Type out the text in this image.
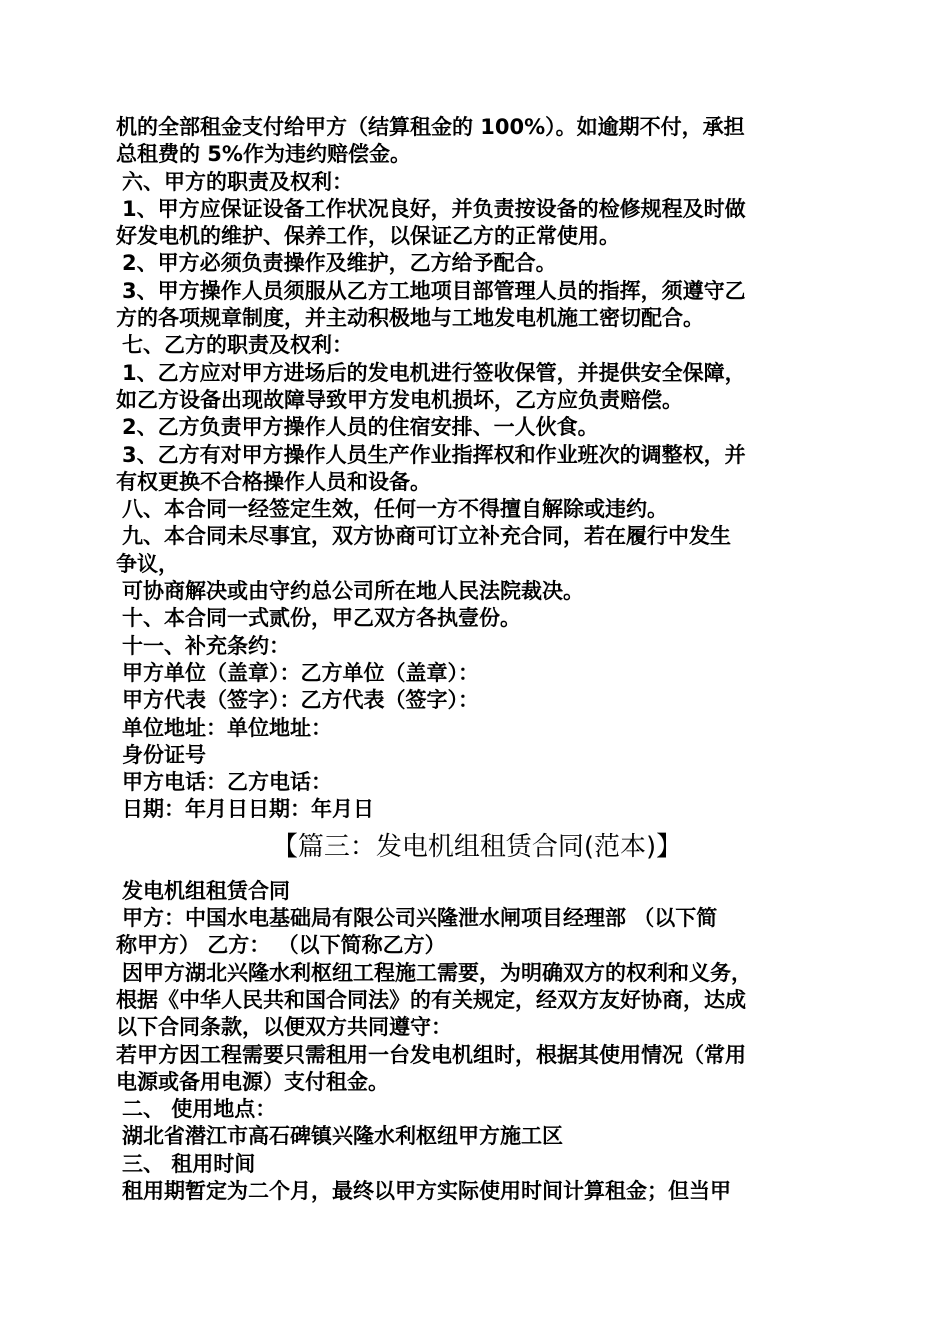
机的全部租金支付给甲方（结算租金的 100%）。如逾期不付，承担
总租费的 5%作为违约赔偿金。
六、甲方的职责及权利：
1、甲方应保证设备工作状况良好，并负责按设备的检修规程及时做
好发电机的维护、保养工作，以保证乙方的正常使用。
2、甲方必须负责操作及维护，乙方给予配合。
3、甲方操作人员须服从乙方工地项目部管理人员的指挥，须遵守乙
方的各项规章制度，并主动积极地与工地发电机施工密切配合。
七、乙方的职责及权利：
1、乙方应对甲方进场后的发电机进行签收保管，并提供安全保障，
如乙方设备出现故障导致甲方发电机损坏，乙方应负责赔偿。
2、乙方负责甲方操作人员的住宿安排、一人伙食。
3、乙方有对甲方操作人员生产作业指挥权和作业班次的调整权，并
有权更换不合格操作人员和设备。
八、本合同一经签定生效，任何一方不得擅自解除或违约。
九、本合同未尽事宜，双方协商可订立补充合同，若在履行中发生
争议，
可协商解决或由守约总公司所在地人民法院裁决。
十、本合同一式贰份，甲乙双方各执壹份。
十一、补充条约：
甲方单位（盖章）：乙方单位（盖章）：
甲方代表（签字）：乙方代表（签字）：
单位地址：单位地址：
身份证号
甲方电话：乙方电话：
日期：年月日日期：年月日
【篇三：发电机组租赁合同(范本)】
发电机组租赁合同
甲方：中国水电基础局有限公司兴隆泄水闸项目经理部 （以下简
称甲方） 乙方： （以下简称乙方）
因甲方湖北兴隆水利枢纽工程施工需要，为明确双方的权利和义务，
根据《中华人民共和国合同法》的有关规定，经双方友好协商，达成
以下合同条款，以便双方共同遵守：
若甲方因工程需要只需租用一台发电机组时，根据其使用情况（常用
电源或备用电源）支付租金。
二、 使用地点：
湖北省潜江市高石碑镇兴隆水利枢纽甲方施工区
三、 租用时间
租用期暂定为二个月，最终以甲方实际使用时间计算租金；但当甲
